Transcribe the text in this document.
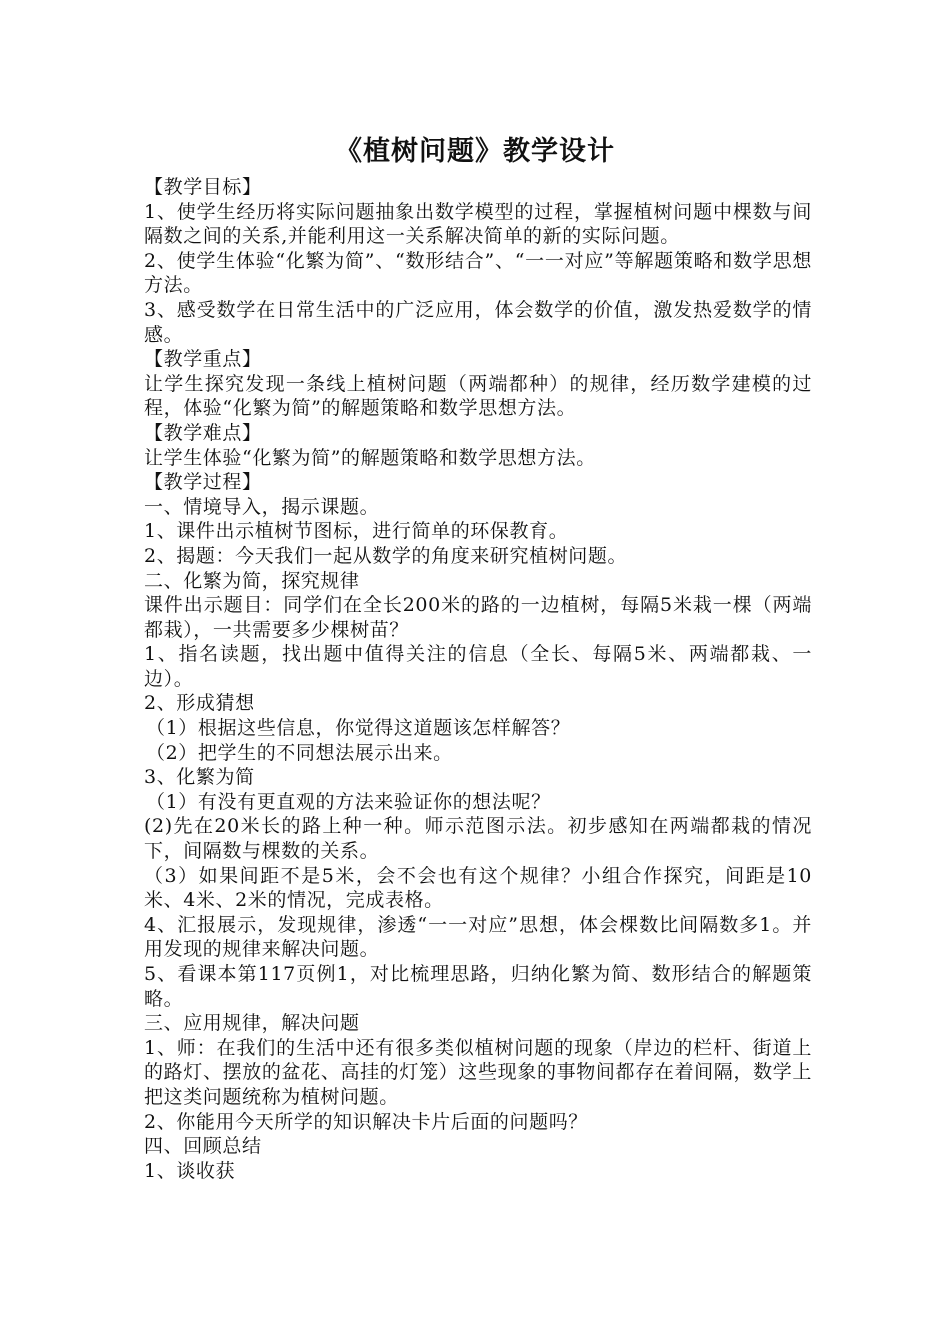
《植树问题》教学设计

【教学目标】

1、使学生经历将实际问题抽象出数学模型的过程，掌握植树问题中棵数与间隔数之间的关系,并能利用这一关系解决简单的新的实际问题。

2、使学生体验“化繁为简”、“数形结合”、“一一对应”等解题策略和数学思想方法。

3、感受数学在日常生活中的广泛应用，体会数学的价值，激发热爱数学的情感。

【教学重点】

让学生探究发现一条线上植树问题（两端都种）的规律，经历数学建模的过程，体验“化繁为简”的解题策略和数学思想方法。

【教学难点】

让学生体验“化繁为简”的解题策略和数学思想方法。

【教学过程】

一、情境导入，揭示课题。

1、课件出示植树节图标，进行简单的环保教育。

2、揭题：今天我们一起从数学的角度来研究植树问题。

二、化繁为简，探究规律

课件出示题目：同学们在全长200米的路的一边植树，每隔5米栽一棵（两端都栽），一共需要多少棵树苗？

1、指名读题，找出题中值得关注的信息（全长、每隔5米、两端都栽、一边）。

2、形成猜想

（1）根据这些信息，你觉得这道题该怎样解答？

（2）把学生的不同想法展示出来。

3、化繁为简

（1）有没有更直观的方法来验证你的想法呢？

(2)先在20米长的路上种一种。师示范图示法。初步感知在两端都栽的情况下，间隔数与棵数的关系。

（3）如果间距不是5米，会不会也有这个规律？小组合作探究，间距是10米、4米、2米的情况，完成表格。

4、汇报展示，发现规律，渗透“一一对应”思想，体会棵数比间隔数多1。并用发现的规律来解决问题。

5、看课本第117页例1，对比梳理思路，归纳化繁为简、数形结合的解题策略。

三、应用规律，解决问题

1、师：在我们的生活中还有很多类似植树问题的现象（岸边的栏杆、街道上的路灯、摆放的盆花、高挂的灯笼）这些现象的事物间都存在着间隔，数学上把这类问题统称为植树问题。

2、你能用今天所学的知识解决卡片后面的问题吗？

四、回顾总结

1、谈收获
